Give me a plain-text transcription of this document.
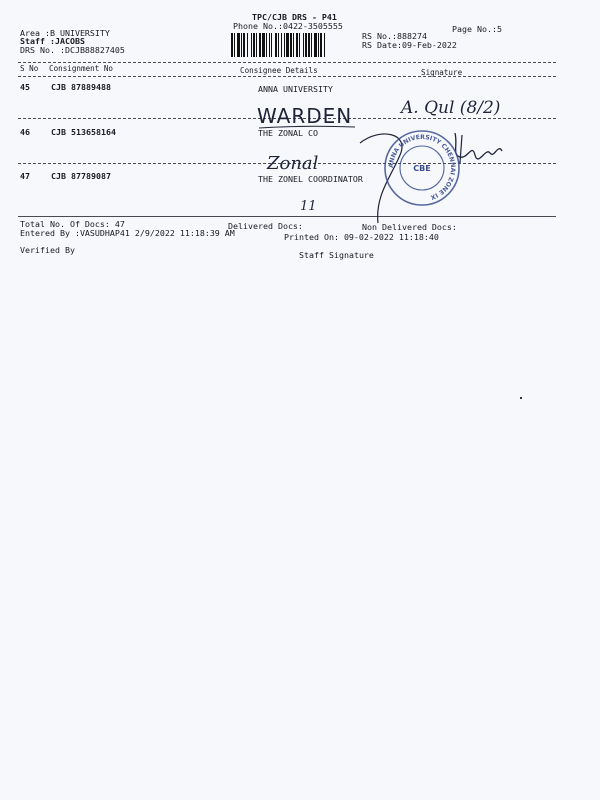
TPC/CJB DRS - P41
Phone No.:0422-3505555	Page No.:5
Area :B UNIVERSITY
Staff :JACOBS
DRS No. :DCJB88827405
RS No.:888274
RS Date:09-Feb-2022
S No Consignment No	Consignee Details	Signature
45	CJB 87889488	ANNA UNIVERSITY
46	CJB 513658164	THE ZONAL CO
47	CJB 87789087	THE ZONEL COORDINATOR
WARDEN
Zonal
11
A. Qul (8/2)
ANNA UNIVERSITY CHENNAI ZONE IX
CBE
Total No. Of Docs: 47	Delivered Docs:	Non Delivered Docs:
Entered By :VASUDHAP41 2/9/2022 11:18:39 AM	Printed On: 09-02-2022 11:18:40
Verified By	Staff Signature
